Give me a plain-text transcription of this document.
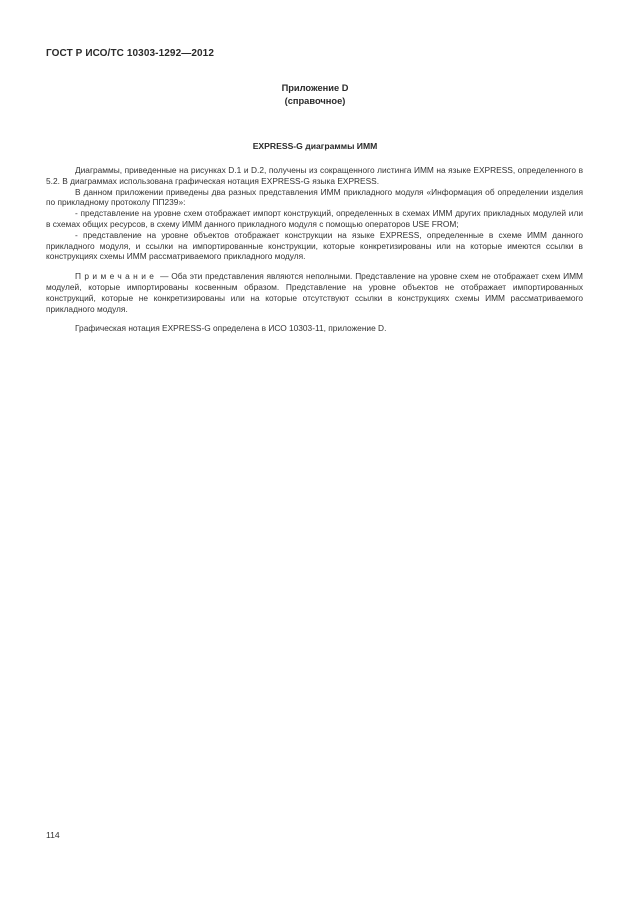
ГОСТ Р ИСО/ТС 10303-1292—2012
Приложение D
(справочное)
EXPRESS-G диаграммы ИММ

Диаграммы, приведенные на рисунках D.1 и D.2, получены из сокращенного листинга ИММ на языке EXPRESS, определенного в 5.2. В диаграммах использована графическая нотация EXPRESS-G языка EXPRESS.

В данном приложении приведены два разных представления ИММ прикладного модуля «Информация об определении изделия по прикладному протоколу ПП239»:

- представление на уровне схем отображает импорт конструкций, определенных в схемах ИММ других прикладных модулей или в схемах общих ресурсов, в схему ИММ данного прикладного модуля с помощью операторов USE FROM;

- представление на уровне объектов отображает конструкции на языке EXPRESS, определенные в схеме ИММ данного прикладного модуля, и ссылки на импортированные конструкции, которые конкретизированы или на которые имеются ссылки в конструкциях схемы ИММ рассматриваемого прикладного модуля.

Примечание — Оба эти представления являются неполными. Представление на уровне схем не отображает схем ИММ модулей, которые импортированы косвенным образом. Представление на уровне объектов не отображает импортированных конструкций, которые не конкретизированы или на которые отсутствуют ссылки в конструкциях схемы ИММ рассматриваемого прикладного модуля.

Графическая нотация EXPRESS-G определена в ИСО 10303-11, приложение D.

114
